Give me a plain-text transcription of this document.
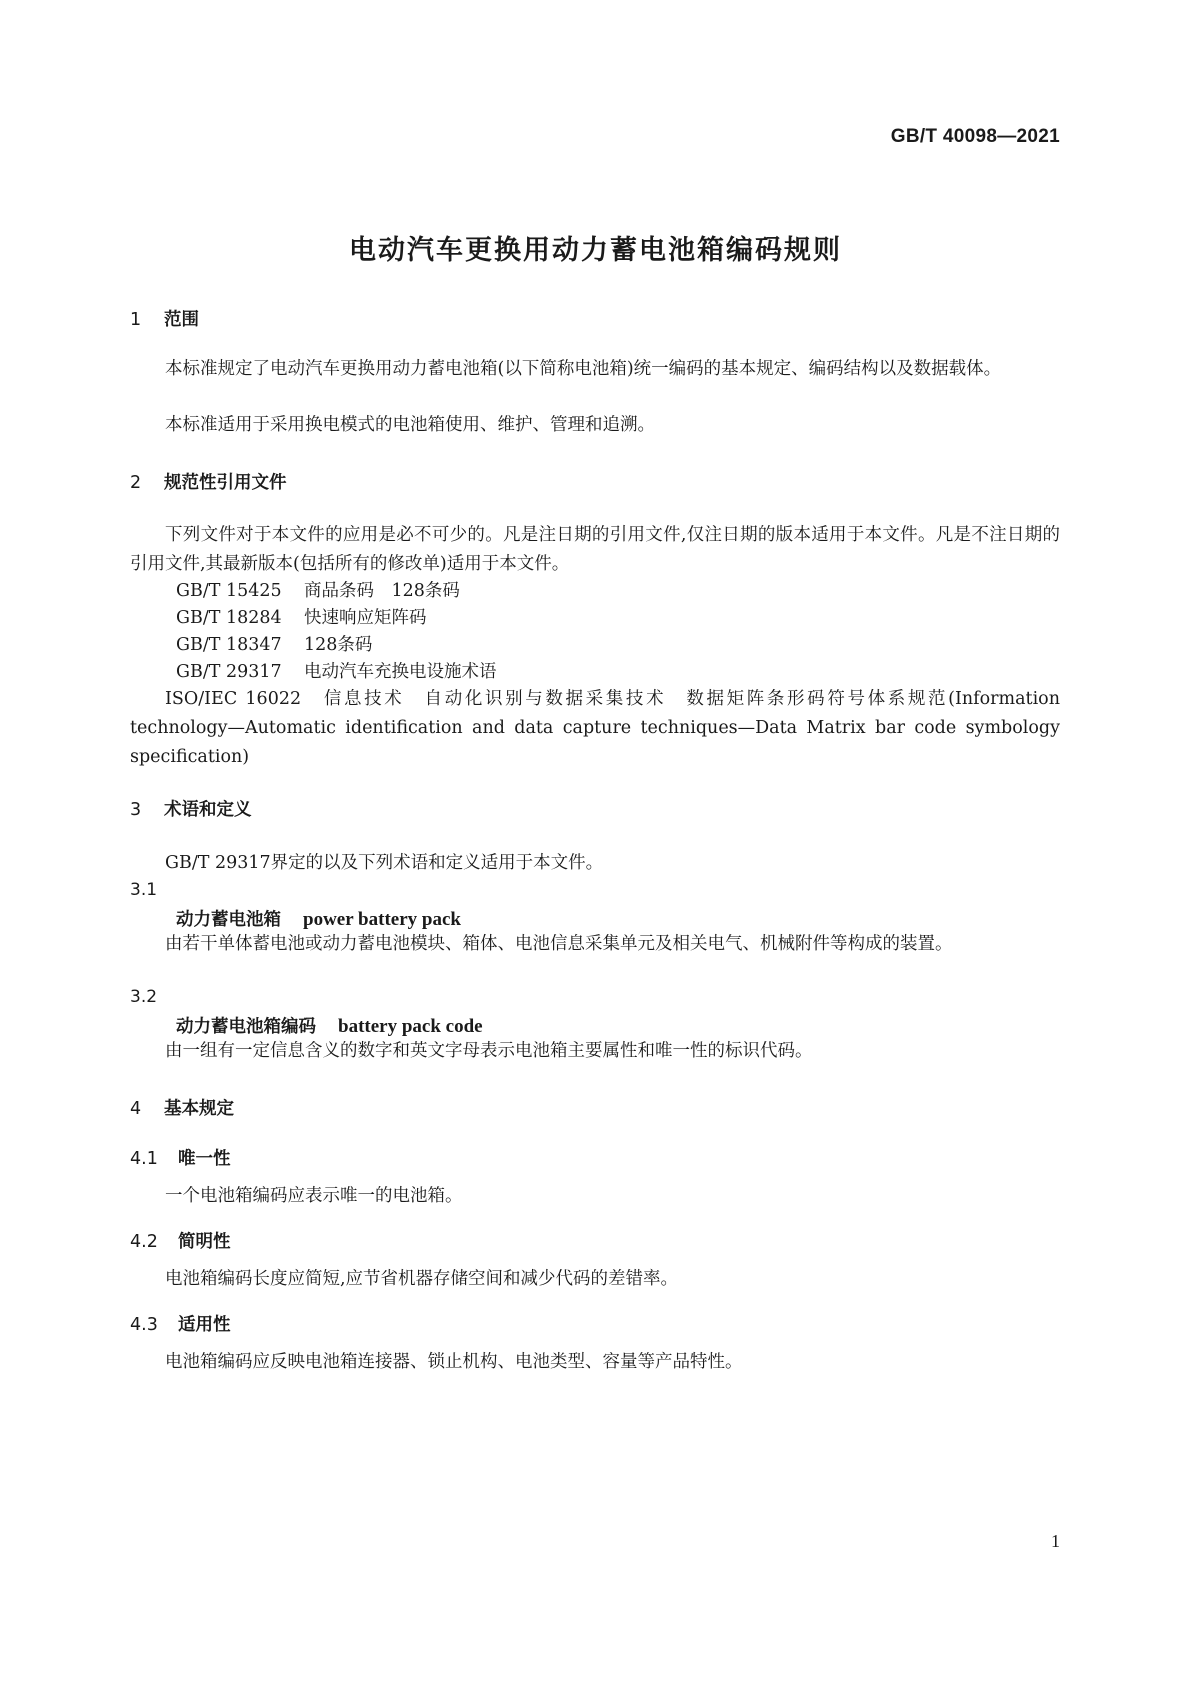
GB/T 40098—2021
电动汽车更换用动力蓄电池箱编码规则
1 范围
本标准规定了电动汽车更换用动力蓄电池箱(以下简称电池箱)统一编码的基本规定、编码结构以及数据载体。
本标准适用于采用换电模式的电池箱使用、维护、管理和追溯。
2 规范性引用文件
下列文件对于本文件的应用是必不可少的。凡是注日期的引用文件,仅注日期的版本适用于本文件。凡是不注日期的引用文件,其最新版本(包括所有的修改单)适用于本文件。
GB/T 15425 商品条码　128条码
GB/T 18284 快速响应矩阵码
GB/T 18347 128条码
GB/T 29317 电动汽车充换电设施术语
ISO/IEC 16022　信息技术　自动化识别与数据采集技术　数据矩阵条形码符号体系规范(Information technology—Automatic identification and data capture techniques—Data Matrix bar code symbology specification)
3 术语和定义
GB/T 29317界定的以及下列术语和定义适用于本文件。
3.1
动力蓄电池箱 power battery pack
由若干单体蓄电池或动力蓄电池模块、箱体、电池信息采集单元及相关电气、机械附件等构成的装置。
3.2
动力蓄电池箱编码 battery pack code
由一组有一定信息含义的数字和英文字母表示电池箱主要属性和唯一性的标识代码。
4 基本规定
4.1 唯一性
一个电池箱编码应表示唯一的电池箱。
4.2 简明性
电池箱编码长度应简短,应节省机器存储空间和减少代码的差错率。
4.3 适用性
电池箱编码应反映电池箱连接器、锁止机构、电池类型、容量等产品特性。
1
